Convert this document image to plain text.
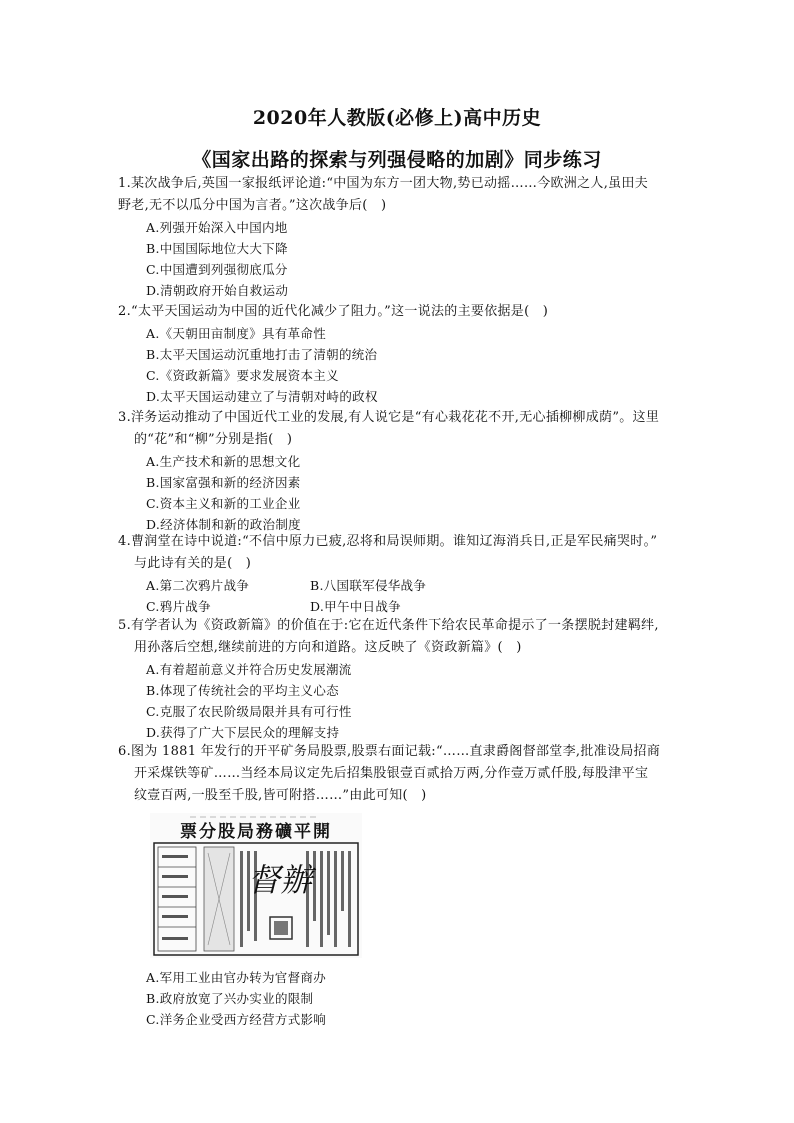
2020年人教版(必修上)高中历史
《国家出路的探索与列强侵略的加剧》同步练习
1.某次战争后,英国一家报纸评论道:“中国为东方一团大物,势已动摇……今欧洲之人,虽田夫
野老,无不以瓜分中国为言者。”这次战争后(　)
A.列强开始深入中国内地
B.中国国际地位大大下降
C.中国遭到列强彻底瓜分
D.清朝政府开始自救运动
2.“太平天国运动为中国的近代化减少了阻力。”这一说法的主要依据是(　)
A.《天朝田亩制度》具有革命性
B.太平天国运动沉重地打击了清朝的统治
C.《资政新篇》要求发展资本主义
D.太平天国运动建立了与清朝对峙的政权
3.洋务运动推动了中国近代工业的发展,有人说它是“有心栽花花不开,无心插柳柳成荫”。这里
的“花”和“柳”分别是指(　)
A.生产技术和新的思想文化
B.国家富强和新的经济因素
C.资本主义和新的工业企业
D.经济体制和新的政治制度
4.曹润堂在诗中说道:“不信中原力已疲,忍将和局误师期。谁知辽海消兵日,正是军民痛哭时。”
与此诗有关的是(　)
A.第二次鸦片战争	B.八国联军侵华战争
C.鸦片战争	D.甲午中日战争
5.有学者认为《资政新篇》的价值在于:它在近代条件下给农民革命提示了一条摆脱封建羁绊,
用孙落后空想,继续前进的方向和道路。这反映了《资政新篇》(　)
A.有着超前意义并符合历史发展潮流
B.体现了传统社会的平均主义心态
C.克服了农民阶级局限并具有可行性
D.获得了广大下层民众的理解支持
6.图为 1881 年发行的开平矿务局股票,股票右面记载:“……直隶爵阁督部堂李,批准设局招商
开采煤铁等矿……当经本局议定先后招集股银壹百贰拾万两,分作壹万贰仟股,每股津平宝
纹壹百两,一股至千股,皆可附搭……”由此可知(　)
票分股局務礦平開
督辦
A.军用工业由官办转为官督商办
B.政府放宽了兴办实业的限制
C.洋务企业受西方经营方式影响
